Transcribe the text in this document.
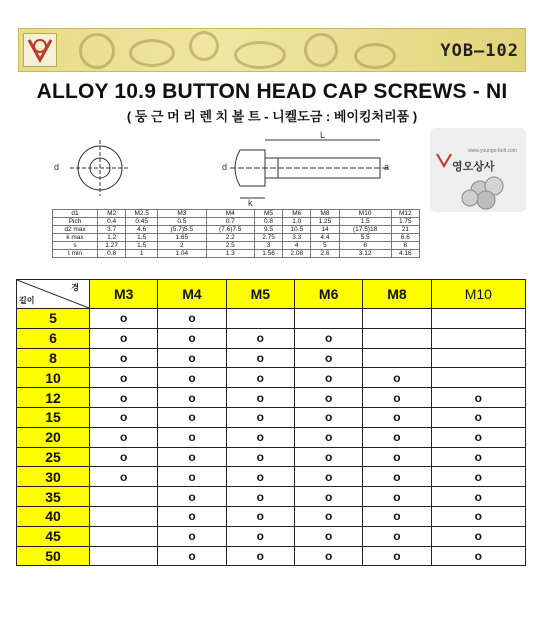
YOB–102
ALLOY 10.9 BUTTON HEAD CAP SCREWS - NI
( 둥 근 머 리 렌 치 볼 트 - 니켈도금 : 베이킹처리품 )
d
L
d
k
a
www.youngo-bolt.com
영오상사
d1	M2	M2.5	M3	M4	M5	M6	M8	M10	M12
Pich	0.4	0.45	0.5	0.7	0.8	1.0	1.25	1.5	1.75
d2 max	3.7	4.6	(5.7)5.5	(7.6)7.5	9.5	10.5	14	(17.5)18	21
k max	1.2	1.5	1.65	2.2	2.75	3.3	4.4	5.5	6.6
s	1.27	1.5	2	2.5	3	4	5	6	8
t min	0.8	1	1.04	1.3	1.56	2.08	2.6	3.12	4.16
경
길이	M3	M4	M5	M6	M8	M10
5	o	o				
6	o	o	o	o		
8	o	o	o	o		
10	o	o	o	o	o	
12	o	o	o	o	o	o
15	o	o	o	o	o	o
20	o	o	o	o	o	o
25	o	o	o	o	o	o
30	o	o	o	o	o	o
35		o	o	o	o	o
40		o	o	o	o	o
45		o	o	o	o	o
50		o	o	o	o	o
